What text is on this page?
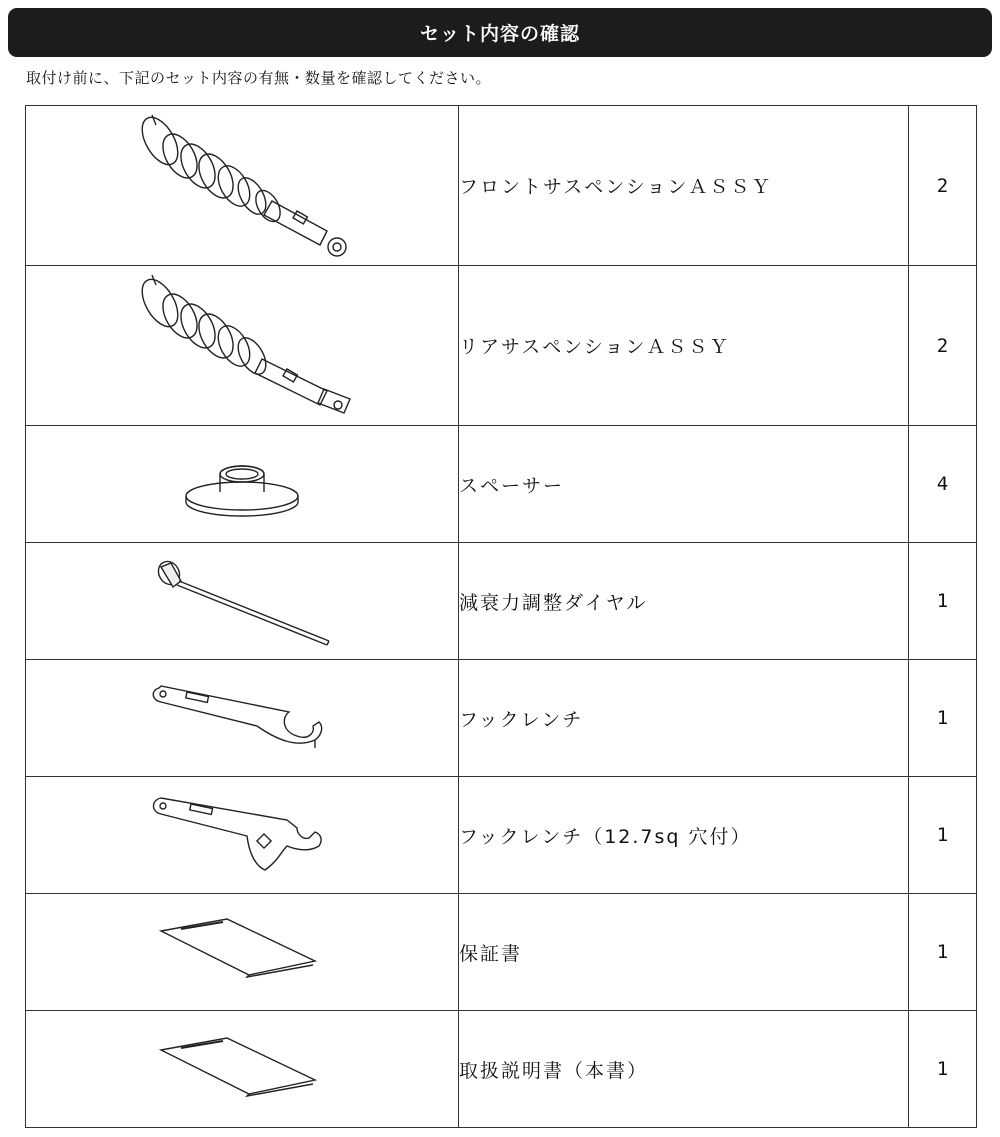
セット内容の確認
取付け前に、下記のセット内容の有無・数量を確認してください。
	フロントサスペンションＡＳＳＹ	2

	リアサスペンションＡＳＳＹ	2

	スペーサー	4

	減衰力調整ダイヤル	1

	フックレンチ	1

	フックレンチ（12.7sq 穴付）	1

	保証書	1

	取扱説明書（本書）	1
